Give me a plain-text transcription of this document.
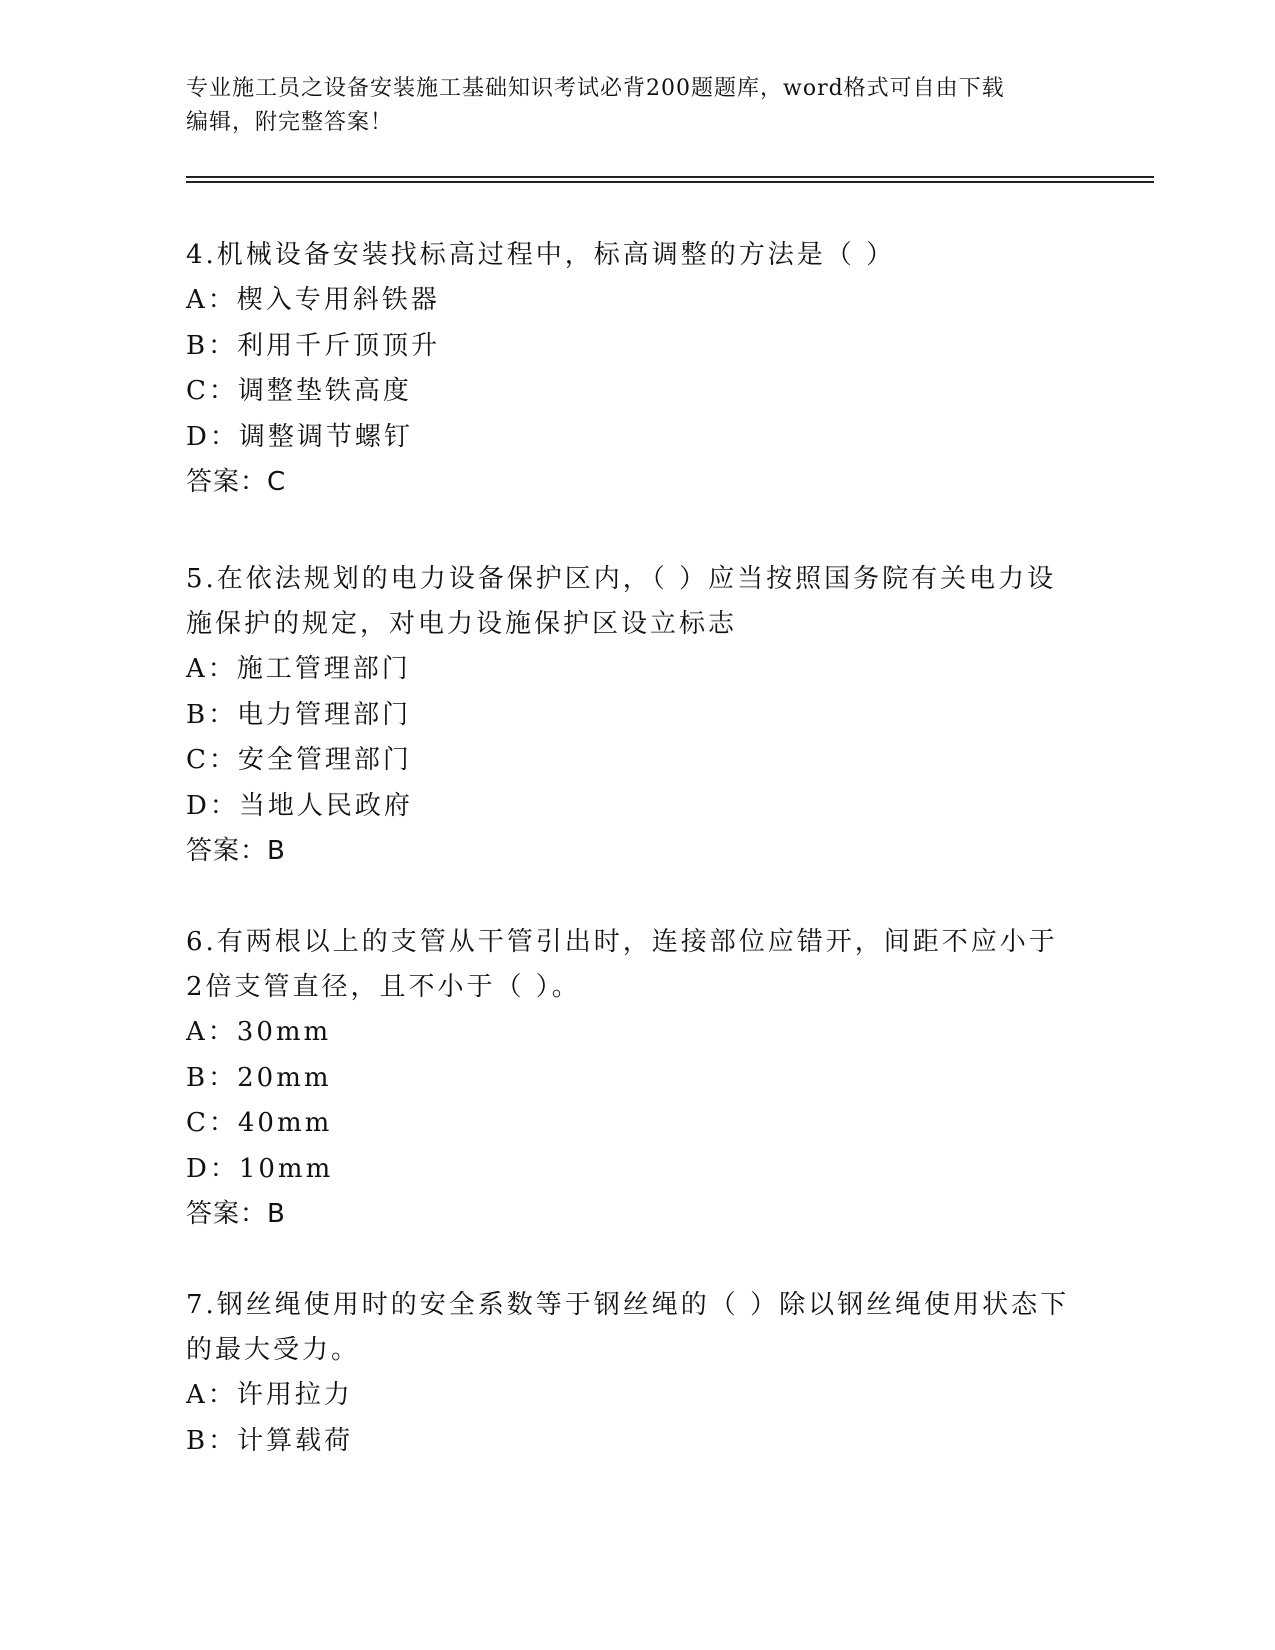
专业施工员之设备安装施工基础知识考试必背200题题库，word格式可自由下载
编辑，附完整答案！
4.机械设备安装找标高过程中，标高调整的方法是（ ）
A：楔入专用斜铁器
B：利用千斤顶顶升
C：调整垫铁高度
D：调整调节螺钉
答案：C
5.在依法规划的电力设备保护区内，（ ）应当按照国务院有关电力设
施保护的规定，对电力设施保护区设立标志
A：施工管理部门
B：电力管理部门
C：安全管理部门
D：当地人民政府
答案：B
6.有两根以上的支管从干管引出时，连接部位应错开，间距不应小于
2倍支管直径，且不小于（ ）。
A：30mm
B：20mm
C：40mm
D：10mm
答案：B
7.钢丝绳使用时的安全系数等于钢丝绳的（ ）除以钢丝绳使用状态下
的最大受力。
A：许用拉力
B：计算载荷
